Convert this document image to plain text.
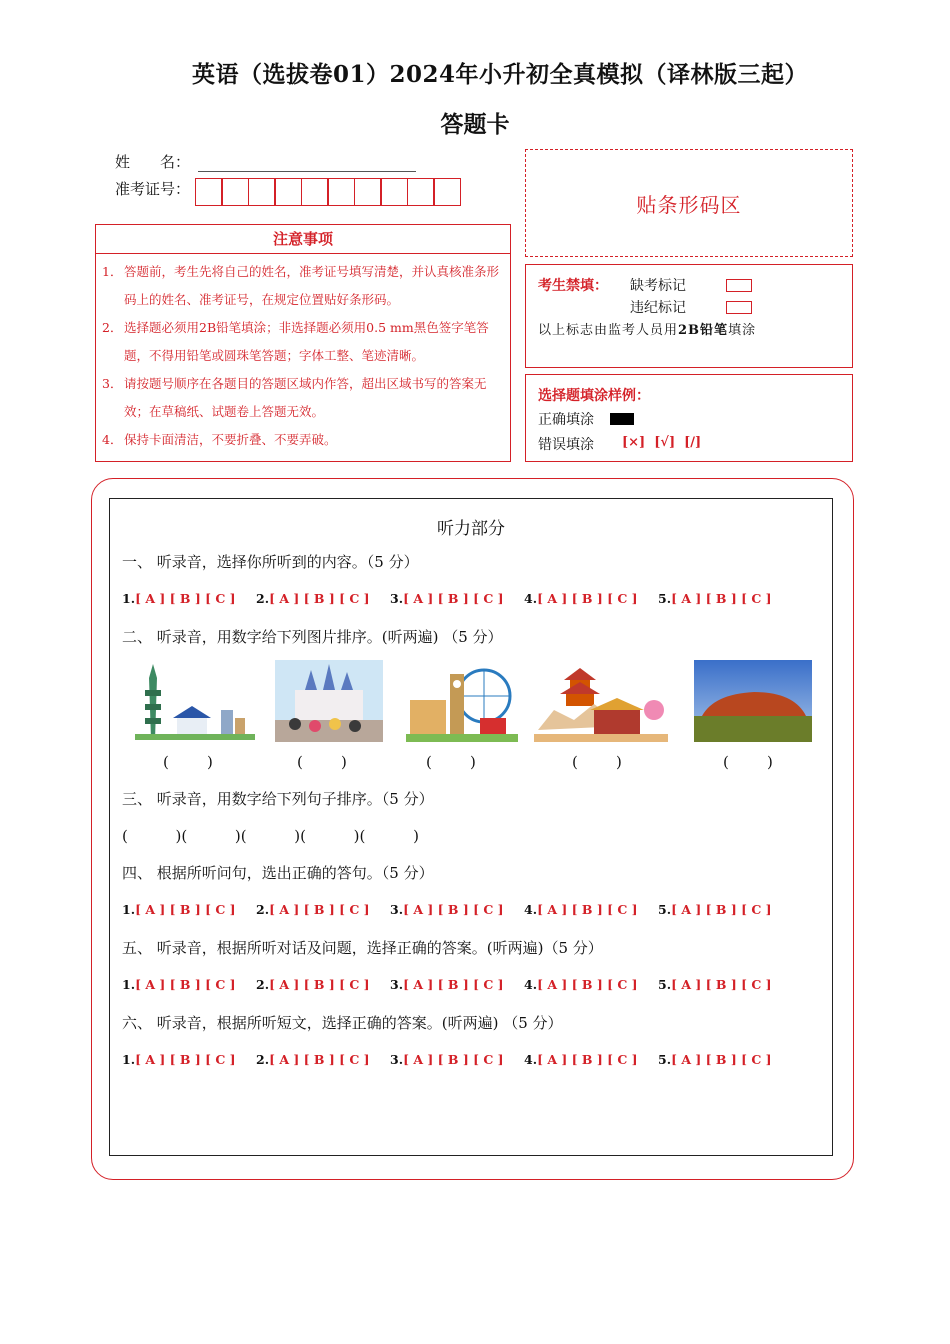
英语（选拔卷01）2024年小升初全真模拟（译林版三起）
答题卡
姓　　名：
准考证号：
贴条形码区
注意事项
1． 答题前，考生先将自己的姓名，准考证号填写清楚，并认真核准条形码上的姓名、准考证号，在规定位置贴好条形码。
2． 选择题必须用2B铅笔填涂；非选择题必须用0.5 mm黑色签字笔答题，不得用铅笔或圆珠笔答题；字体工整、笔迹清晰。
3． 请按题号顺序在各题目的答题区域内作答，超出区域书写的答案无效；在草稿纸、试题卷上答题无效。
4． 保持卡面清洁，不要折叠、不要弄破。
考生禁填： 缺考标记
违纪标记
以上标志由监考人员用2B铅笔填涂
选择题填涂样例：
正确填涂
错误填涂 [×]  [√]  [/]
听力部分
一、 听录音，选择你所听到的内容。（5 分）
1.[ A ] [ B ] [ C ]	2.[ A ] [ B ] [ C ]	3.[ A ] [ B ] [ C ]	4.[ A ] [ B ] [ C ]	5.[ A ] [ B ] [ C ]
二、 听录音，用数字给下列图片排序。(听两遍) （5 分）
(        )	(        )	(        )	(        )	(        )
三、 听录音，用数字给下列句子排序。（5 分）
(          )(          )(          )(          )(          )
四、 根据所听问句，选出正确的答句。（5 分）
1.[ A ] [ B ] [ C ]	2.[ A ] [ B ] [ C ]	3.[ A ] [ B ] [ C ]	4.[ A ] [ B ] [ C ]	5.[ A ] [ B ] [ C ]
五、 听录音，根据所听对话及问题，选择正确的答案。(听两遍)（5 分）
1.[ A ] [ B ] [ C ]	2.[ A ] [ B ] [ C ]	3.[ A ] [ B ] [ C ]	4.[ A ] [ B ] [ C ]	5.[ A ] [ B ] [ C ]
六、 听录音，根据所听短文，选择正确的答案。(听两遍) （5 分）
1.[ A ] [ B ] [ C ]	2.[ A ] [ B ] [ C ]	3.[ A ] [ B ] [ C ]	4.[ A ] [ B ] [ C ]	5.[ A ] [ B ] [ C ]
